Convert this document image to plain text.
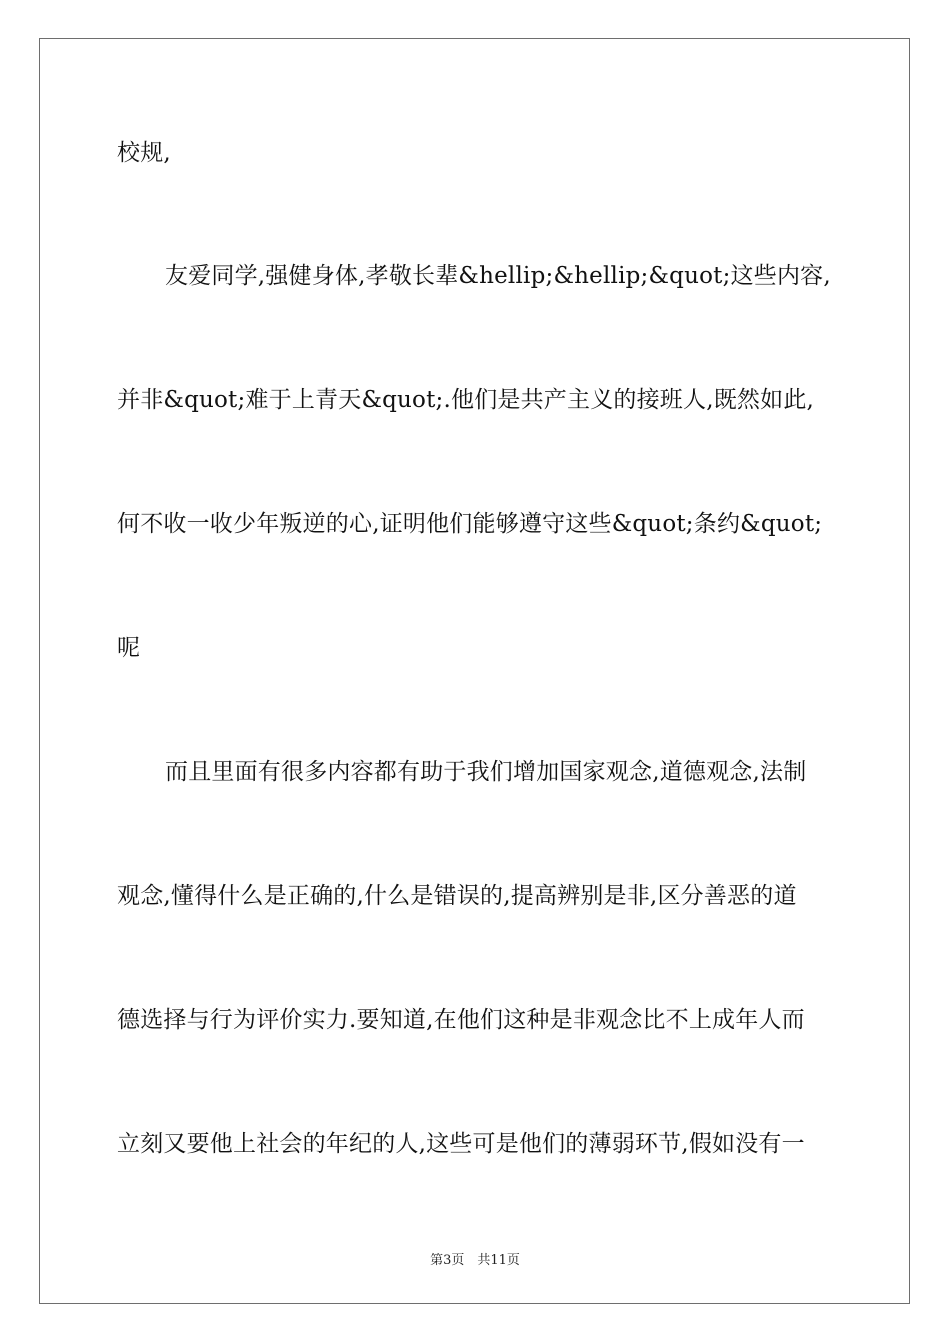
校规,
友爱同学,强健身体,孝敬长辈&hellip;&hellip;&quot;这些内容,
并非&quot;难于上青天&quot;.他们是共产主义的接班人,既然如此,
何不收一收少年叛逆的心,证明他们能够遵守这些&quot;条约&quot;
呢
而且里面有很多内容都有助于我们增加国家观念,道德观念,法制
观念,懂得什么是正确的,什么是错误的,提高辨别是非,区分善恶的道
德选择与行为评价实力.要知道,在他们这种是非观念比不上成年人而
立刻又要他上社会的年纪的人,这些可是他们的薄弱环节,假如没有一
第3页　共11页
